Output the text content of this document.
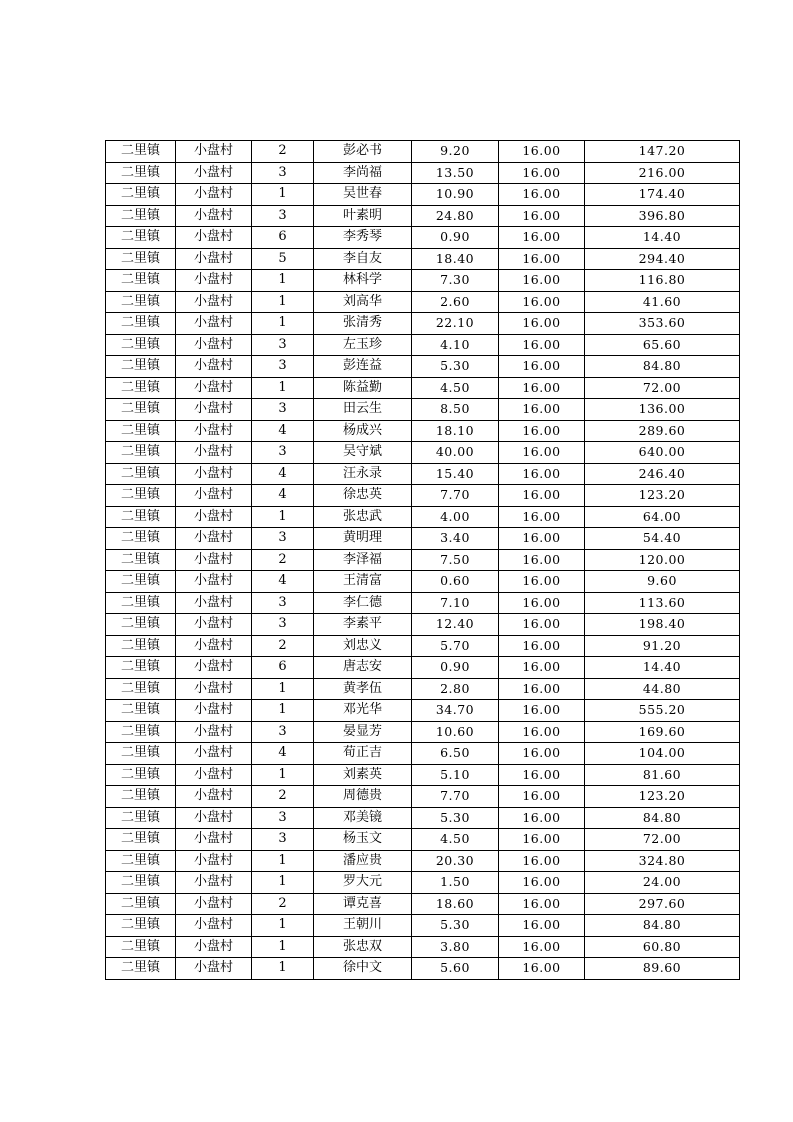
二里镇	小盘村	2	彭必书	9.20	16.00	147.20
二里镇	小盘村	3	李尚福	13.50	16.00	216.00
二里镇	小盘村	1	吴世春	10.90	16.00	174.40
二里镇	小盘村	3	叶素明	24.80	16.00	396.80
二里镇	小盘村	6	李秀琴	0.90	16.00	14.40
二里镇	小盘村	5	李自友	18.40	16.00	294.40
二里镇	小盘村	1	林科学	7.30	16.00	116.80
二里镇	小盘村	1	刘高华	2.60	16.00	41.60
二里镇	小盘村	1	张清秀	22.10	16.00	353.60
二里镇	小盘村	3	左玉珍	4.10	16.00	65.60
二里镇	小盘村	3	彭连益	5.30	16.00	84.80
二里镇	小盘村	1	陈益勤	4.50	16.00	72.00
二里镇	小盘村	3	田云生	8.50	16.00	136.00
二里镇	小盘村	4	杨成兴	18.10	16.00	289.60
二里镇	小盘村	3	吴守斌	40.00	16.00	640.00
二里镇	小盘村	4	汪永录	15.40	16.00	246.40
二里镇	小盘村	4	徐忠英	7.70	16.00	123.20
二里镇	小盘村	1	张忠武	4.00	16.00	64.00
二里镇	小盘村	3	黄明理	3.40	16.00	54.40
二里镇	小盘村	2	李泽福	7.50	16.00	120.00
二里镇	小盘村	4	王清富	0.60	16.00	9.60
二里镇	小盘村	3	李仁德	7.10	16.00	113.60
二里镇	小盘村	3	李素平	12.40	16.00	198.40
二里镇	小盘村	2	刘忠义	5.70	16.00	91.20
二里镇	小盘村	6	唐志安	0.90	16.00	14.40
二里镇	小盘村	1	黄孝伍	2.80	16.00	44.80
二里镇	小盘村	1	邓光华	34.70	16.00	555.20
二里镇	小盘村	3	晏显芳	10.60	16.00	169.60
二里镇	小盘村	4	荀正吉	6.50	16.00	104.00
二里镇	小盘村	1	刘素英	5.10	16.00	81.60
二里镇	小盘村	2	周德贵	7.70	16.00	123.20
二里镇	小盘村	3	邓美镜	5.30	16.00	84.80
二里镇	小盘村	3	杨玉文	4.50	16.00	72.00
二里镇	小盘村	1	潘应贵	20.30	16.00	324.80
二里镇	小盘村	1	罗大元	1.50	16.00	24.00
二里镇	小盘村	2	谭克喜	18.60	16.00	297.60
二里镇	小盘村	1	王朝川	5.30	16.00	84.80
二里镇	小盘村	1	张忠双	3.80	16.00	60.80
二里镇	小盘村	1	徐中文	5.60	16.00	89.60
